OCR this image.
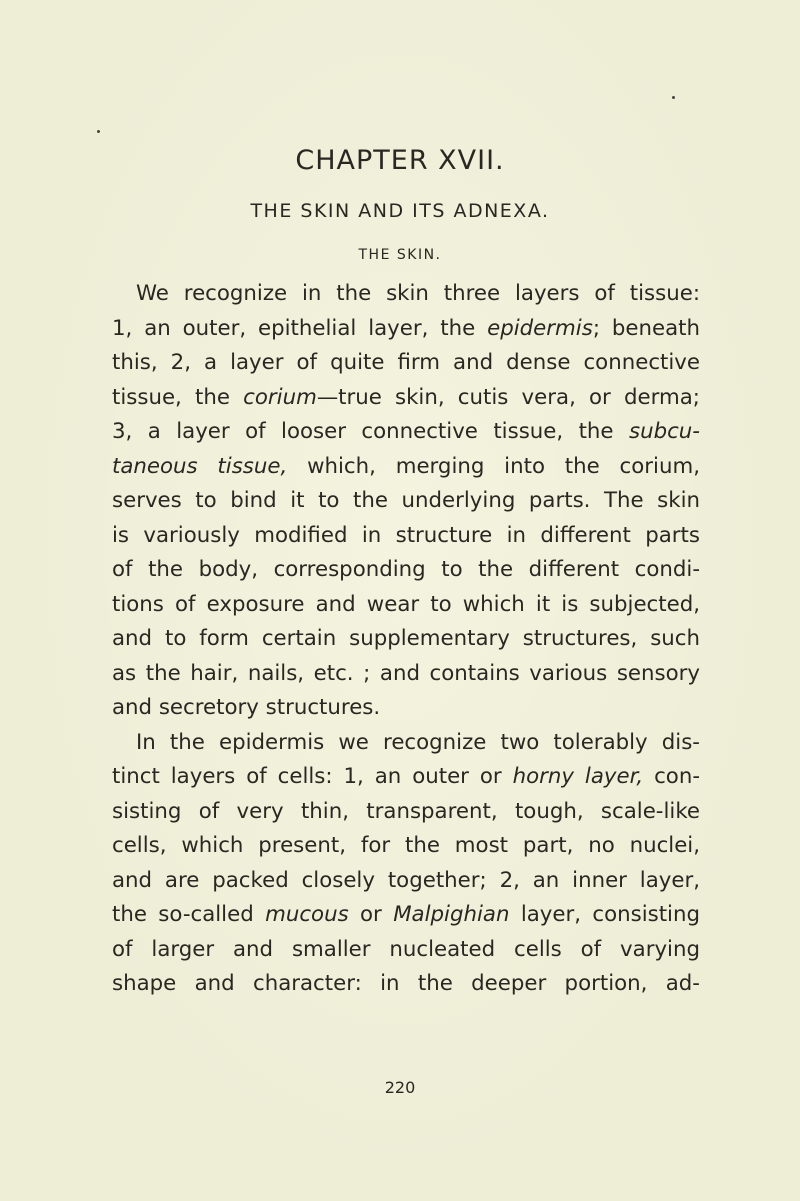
CHAPTER XVII.
THE SKIN AND ITS ADNEXA.
THE SKIN.
We recognize in the skin three layers of tissue:
1, an outer, epithelial layer, the epidermis; beneath
this, 2, a layer of quite firm and dense connective
tissue, the corium—true skin, cutis vera, or derma;
3, a layer of looser connective tissue, the subcu-
taneous tissue, which, merging into the corium,
serves to bind it to the underlying parts. The skin
is variously modified in structure in different parts
of the body, corresponding to the different condi-
tions of exposure and wear to which it is subjected,
and to form certain supplementary structures, such
as the hair, nails, etc. ; and contains various sensory
and secretory structures.
In the epidermis we recognize two tolerably dis-
tinct layers of cells: 1, an outer or horny layer, con-
sisting of very thin, transparent, tough, scale-like
cells, which present, for the most part, no nuclei,
and are packed closely together; 2, an inner layer,
the so-called mucous or Malpighian layer, consisting
of larger and smaller nucleated cells of varying
shape and character: in the deeper portion, ad-
220
